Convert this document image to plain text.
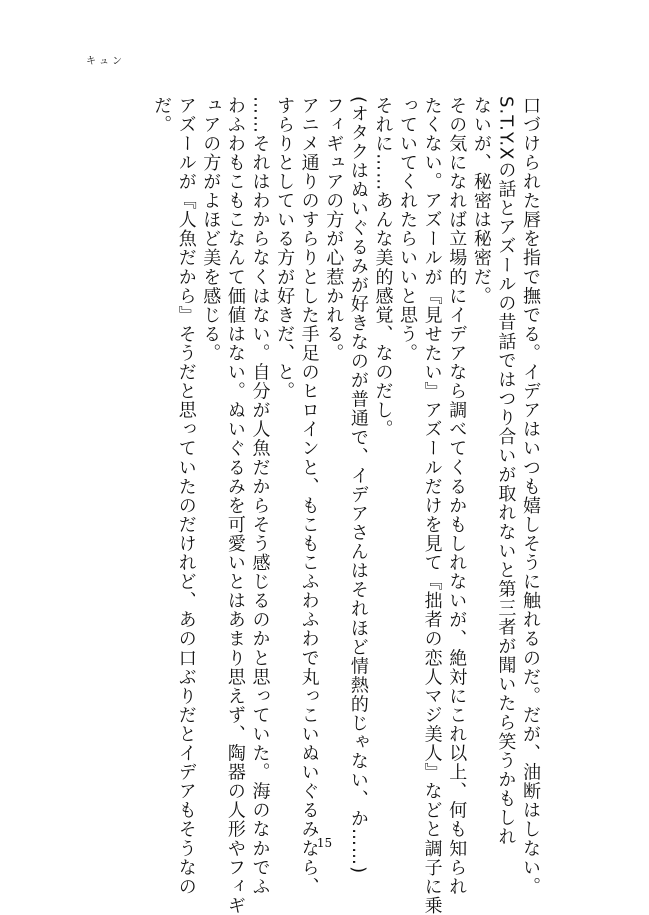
キュン
口づけられた唇を指で撫でる。イデアはいつも嬉しそうに触れるのだ。だが、油断はしない。
S.T.Y.Xの話とアズールの昔話ではつり合いが取れないと第三者が聞いたら笑うかもしれ
ないが、秘密は秘密だ。
その気になれば立場的にイデアなら調べてくるかもしれないが、絶対にこれ以上、何も知られ
たくない。アズールが『見せたい』アズールだけを見て『拙者の恋人マジ美人』などと調子に乗
っていてくれたらいいと思う。
それに……あんな美的感覚、なのだし。
(オタクはぬいぐるみが好きなのが普通で、イデアさんはそれほど情熱的じゃない、か……)
フィギュアの方が心惹かれる。
アニメ通りのすらりとした手足のヒロインと、もこもこふわふわで丸っこいぬいぐるみなら、
すらりとしている方が好きだ、と。
……それはわからなくはない。自分が人魚だからそう感じるのかと思っていた。海のなかでふ
わふわもこもこなんて価値はない。ぬいぐるみを可愛いとはあまり思えず、陶器の人形やフィギ
ュアの方がよほど美を感じる。
アズールが『人魚だから』そうだと思っていたのだけれど、あの口ぶりだとイデアもそうなの
だ。
15
